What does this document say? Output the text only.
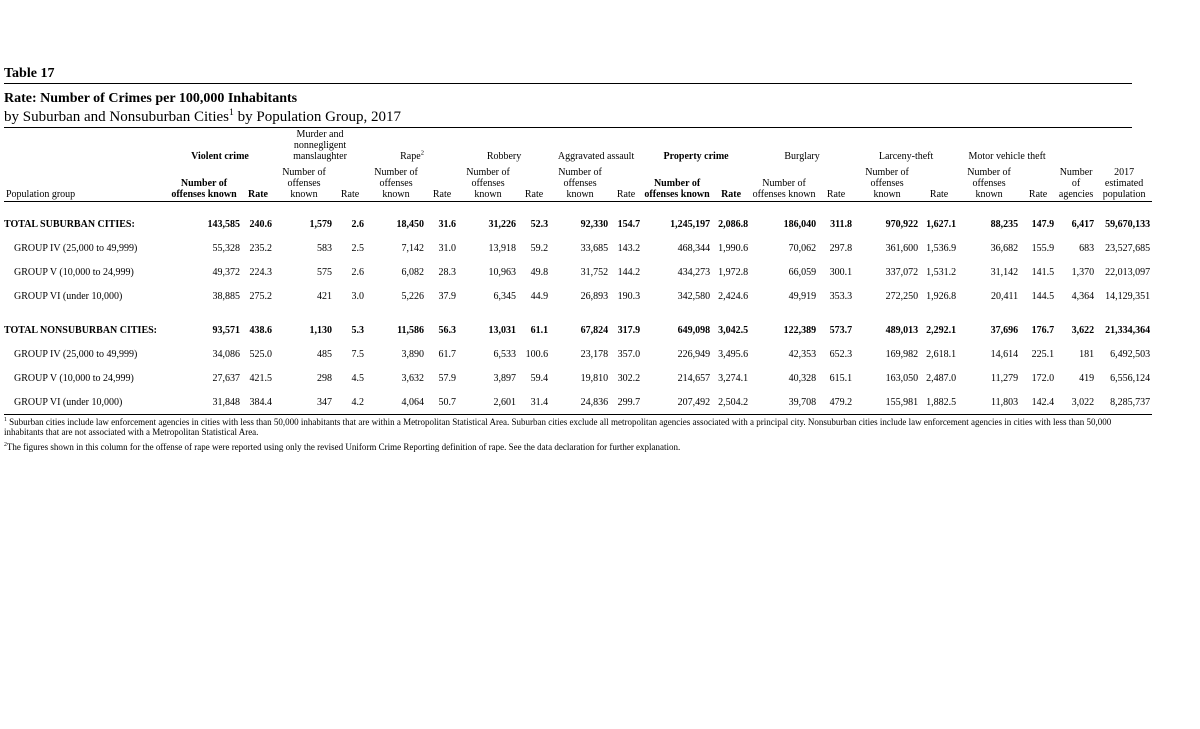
Table 17
Rate: Number of Crimes per 100,000 Inhabitants
by Suburban and Nonsuburban Cities$^1$ by Population Group, 2017
	Violent crime		Murder and nonnegligent manslaughter		Rape$^2$		Robbery		Aggravated assault		Property crime		Burglary		Larceny-theft		Motor vehicle theft			
Population group	Number of offenses known	Rate	Number of offenses known	Rate	Number of offenses known	Rate	Number of offenses known	Rate	Number of offenses known	Rate	Number of offenses known	Rate	Number of offenses known	Rate	Number of offenses known	Rate	Number of offenses known	Rate	Number of agencies	2017 estimated population

TOTAL SUBURBAN CITIES:	143,585	240.6	1,579	2.6	18,450	31.6	31,226	52.3	92,330	154.7	1,245,197	2,086.8	186,040	311.8	970,922	1,627.1	88,235	147.9	6,417	59,670,133
GROUP IV (25,000 to 49,999)	55,328	235.2	583	2.5	7,142	31.0	13,918	59.2	33,685	143.2	468,344	1,990.6	70,062	297.8	361,600	1,536.9	36,682	155.9	683	23,527,685
GROUP V (10,000 to 24,999)	49,372	224.3	575	2.6	6,082	28.3	10,963	49.8	31,752	144.2	434,273	1,972.8	66,059	300.1	337,072	1,531.2	31,142	141.5	1,370	22,013,097
GROUP VI (under 10,000)	38,885	275.2	421	3.0	5,226	37.9	6,345	44.9	26,893	190.3	342,580	2,424.6	49,919	353.3	272,250	1,926.8	20,411	144.5	4,364	14,129,351

TOTAL NONSUBURBAN CITIES:	93,571	438.6	1,130	5.3	11,586	56.3	13,031	61.1	67,824	317.9	649,098	3,042.5	122,389	573.7	489,013	2,292.1	37,696	176.7	3,622	21,334,364
GROUP IV (25,000 to 49,999)	34,086	525.0	485	7.5	3,890	61.7	6,533	100.6	23,178	357.0	226,949	3,495.6	42,353	652.3	169,982	2,618.1	14,614	225.1	181	6,492,503
GROUP V (10,000 to 24,999)	27,637	421.5	298	4.5	3,632	57.9	3,897	59.4	19,810	302.2	214,657	3,274.1	40,328	615.1	163,050	2,487.0	11,279	172.0	419	6,556,124
GROUP VI (under 10,000)	31,848	384.4	347	4.2	4,064	50.7	2,601	31.4	24,836	299.7	207,492	2,504.2	39,708	479.2	155,981	1,882.5	11,803	142.4	3,022	8,285,737

$^1$ Suburban cities include law enforcement agencies in cities with less than 50,000 inhabitants that are within a Metropolitan Statistical Area. Suburban cities exclude all metropolitan agencies associated with a principal city. Nonsuburban cities include law enforcement agencies in cities with less than 50,000 inhabitants that are not associated with a Metropolitan Statistical Area.

$^2$The figures shown in this column for the offense of rape were reported using only the revised Uniform Crime Reporting definition of rape. See the data declaration for further explanation.
